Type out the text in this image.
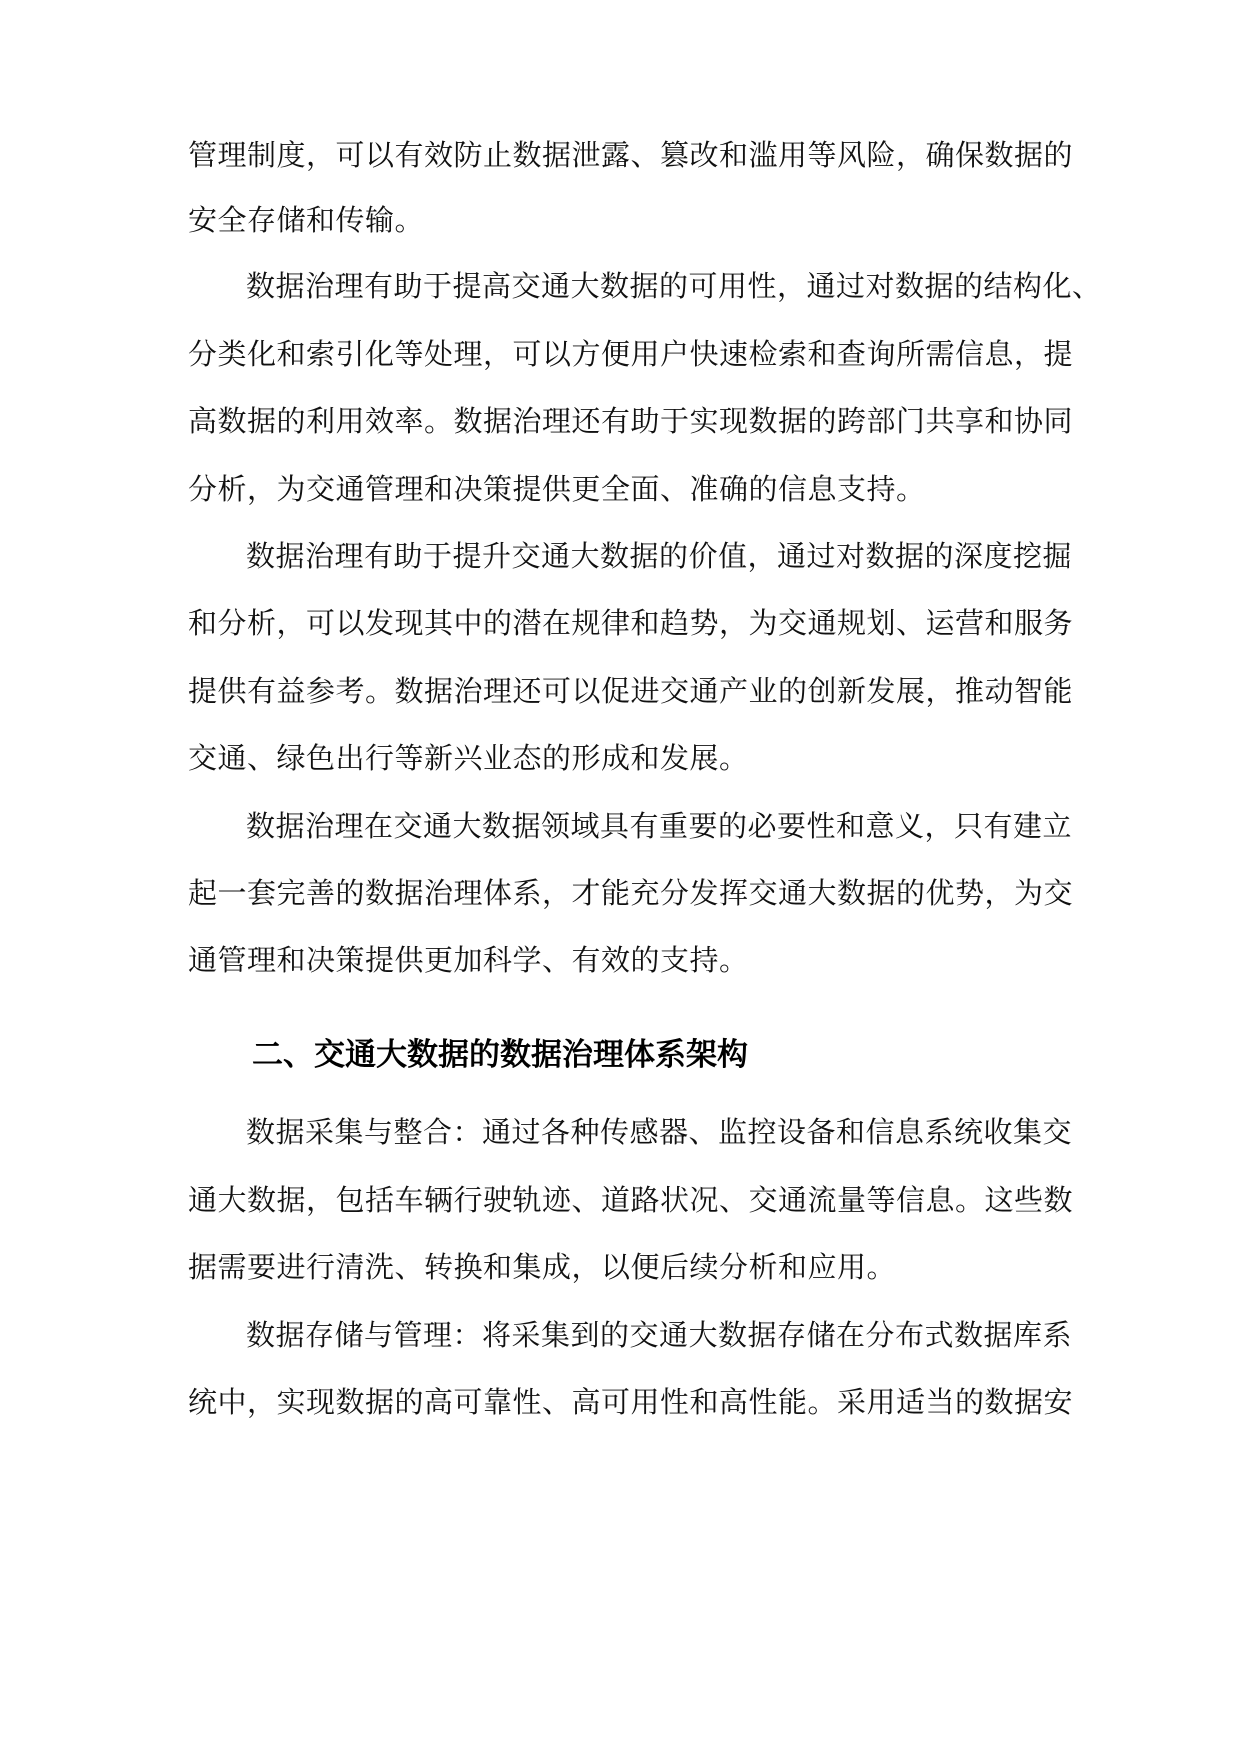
管理制度，可以有效防止数据泄露、篡改和滥用等风险，确保数据的
安全存储和传输。
数据治理有助于提高交通大数据的可用性，通过对数据的结构化、
分类化和索引化等处理，可以方便用户快速检索和查询所需信息，提
高数据的利用效率。数据治理还有助于实现数据的跨部门共享和协同
分析，为交通管理和决策提供更全面、准确的信息支持。
数据治理有助于提升交通大数据的价值，通过对数据的深度挖掘
和分析，可以发现其中的潜在规律和趋势，为交通规划、运营和服务
提供有益参考。数据治理还可以促进交通产业的创新发展，推动智能
交通、绿色出行等新兴业态的形成和发展。
数据治理在交通大数据领域具有重要的必要性和意义，只有建立
起一套完善的数据治理体系，才能充分发挥交通大数据的优势，为交
通管理和决策提供更加科学、有效的支持。
二、交通大数据的数据治理体系架构
数据采集与整合：通过各种传感器、监控设备和信息系统收集交
通大数据，包括车辆行驶轨迹、道路状况、交通流量等信息。这些数
据需要进行清洗、转换和集成，以便后续分析和应用。
数据存储与管理：将采集到的交通大数据存储在分布式数据库系
统中，实现数据的高可靠性、高可用性和高性能。采用适当的数据安
